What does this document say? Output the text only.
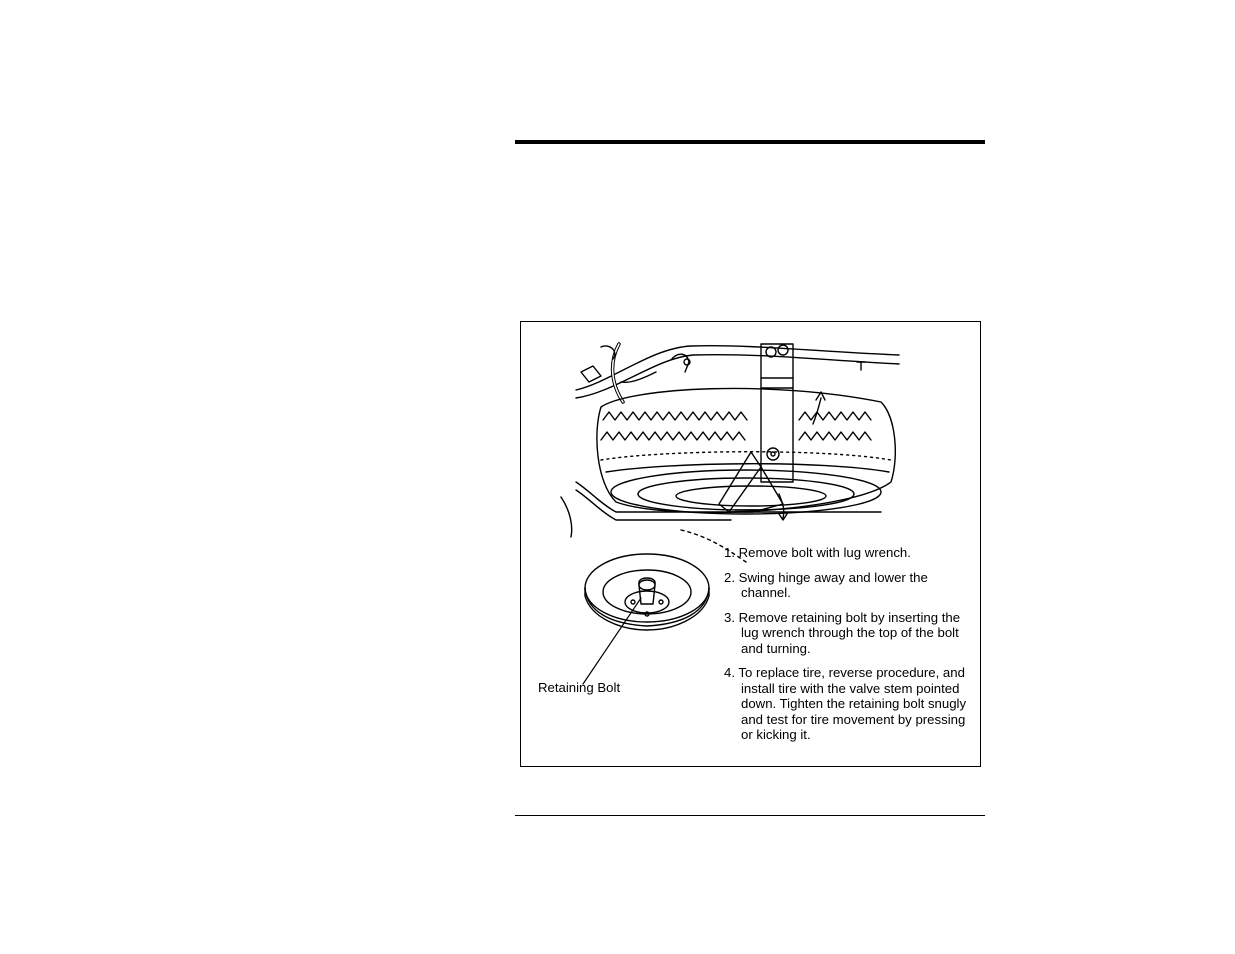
1. Remove bolt with lug wrench.
2. Swing hinge away and lower the channel.
3. Remove retaining bolt by inserting the lug wrench through the top of the bolt and turning.
4. To replace tire, reverse procedure, and install tire with the valve stem pointed down. Tighten the retaining bolt snugly and test for tire movement by pressing or kicking it.
Retaining Bolt
